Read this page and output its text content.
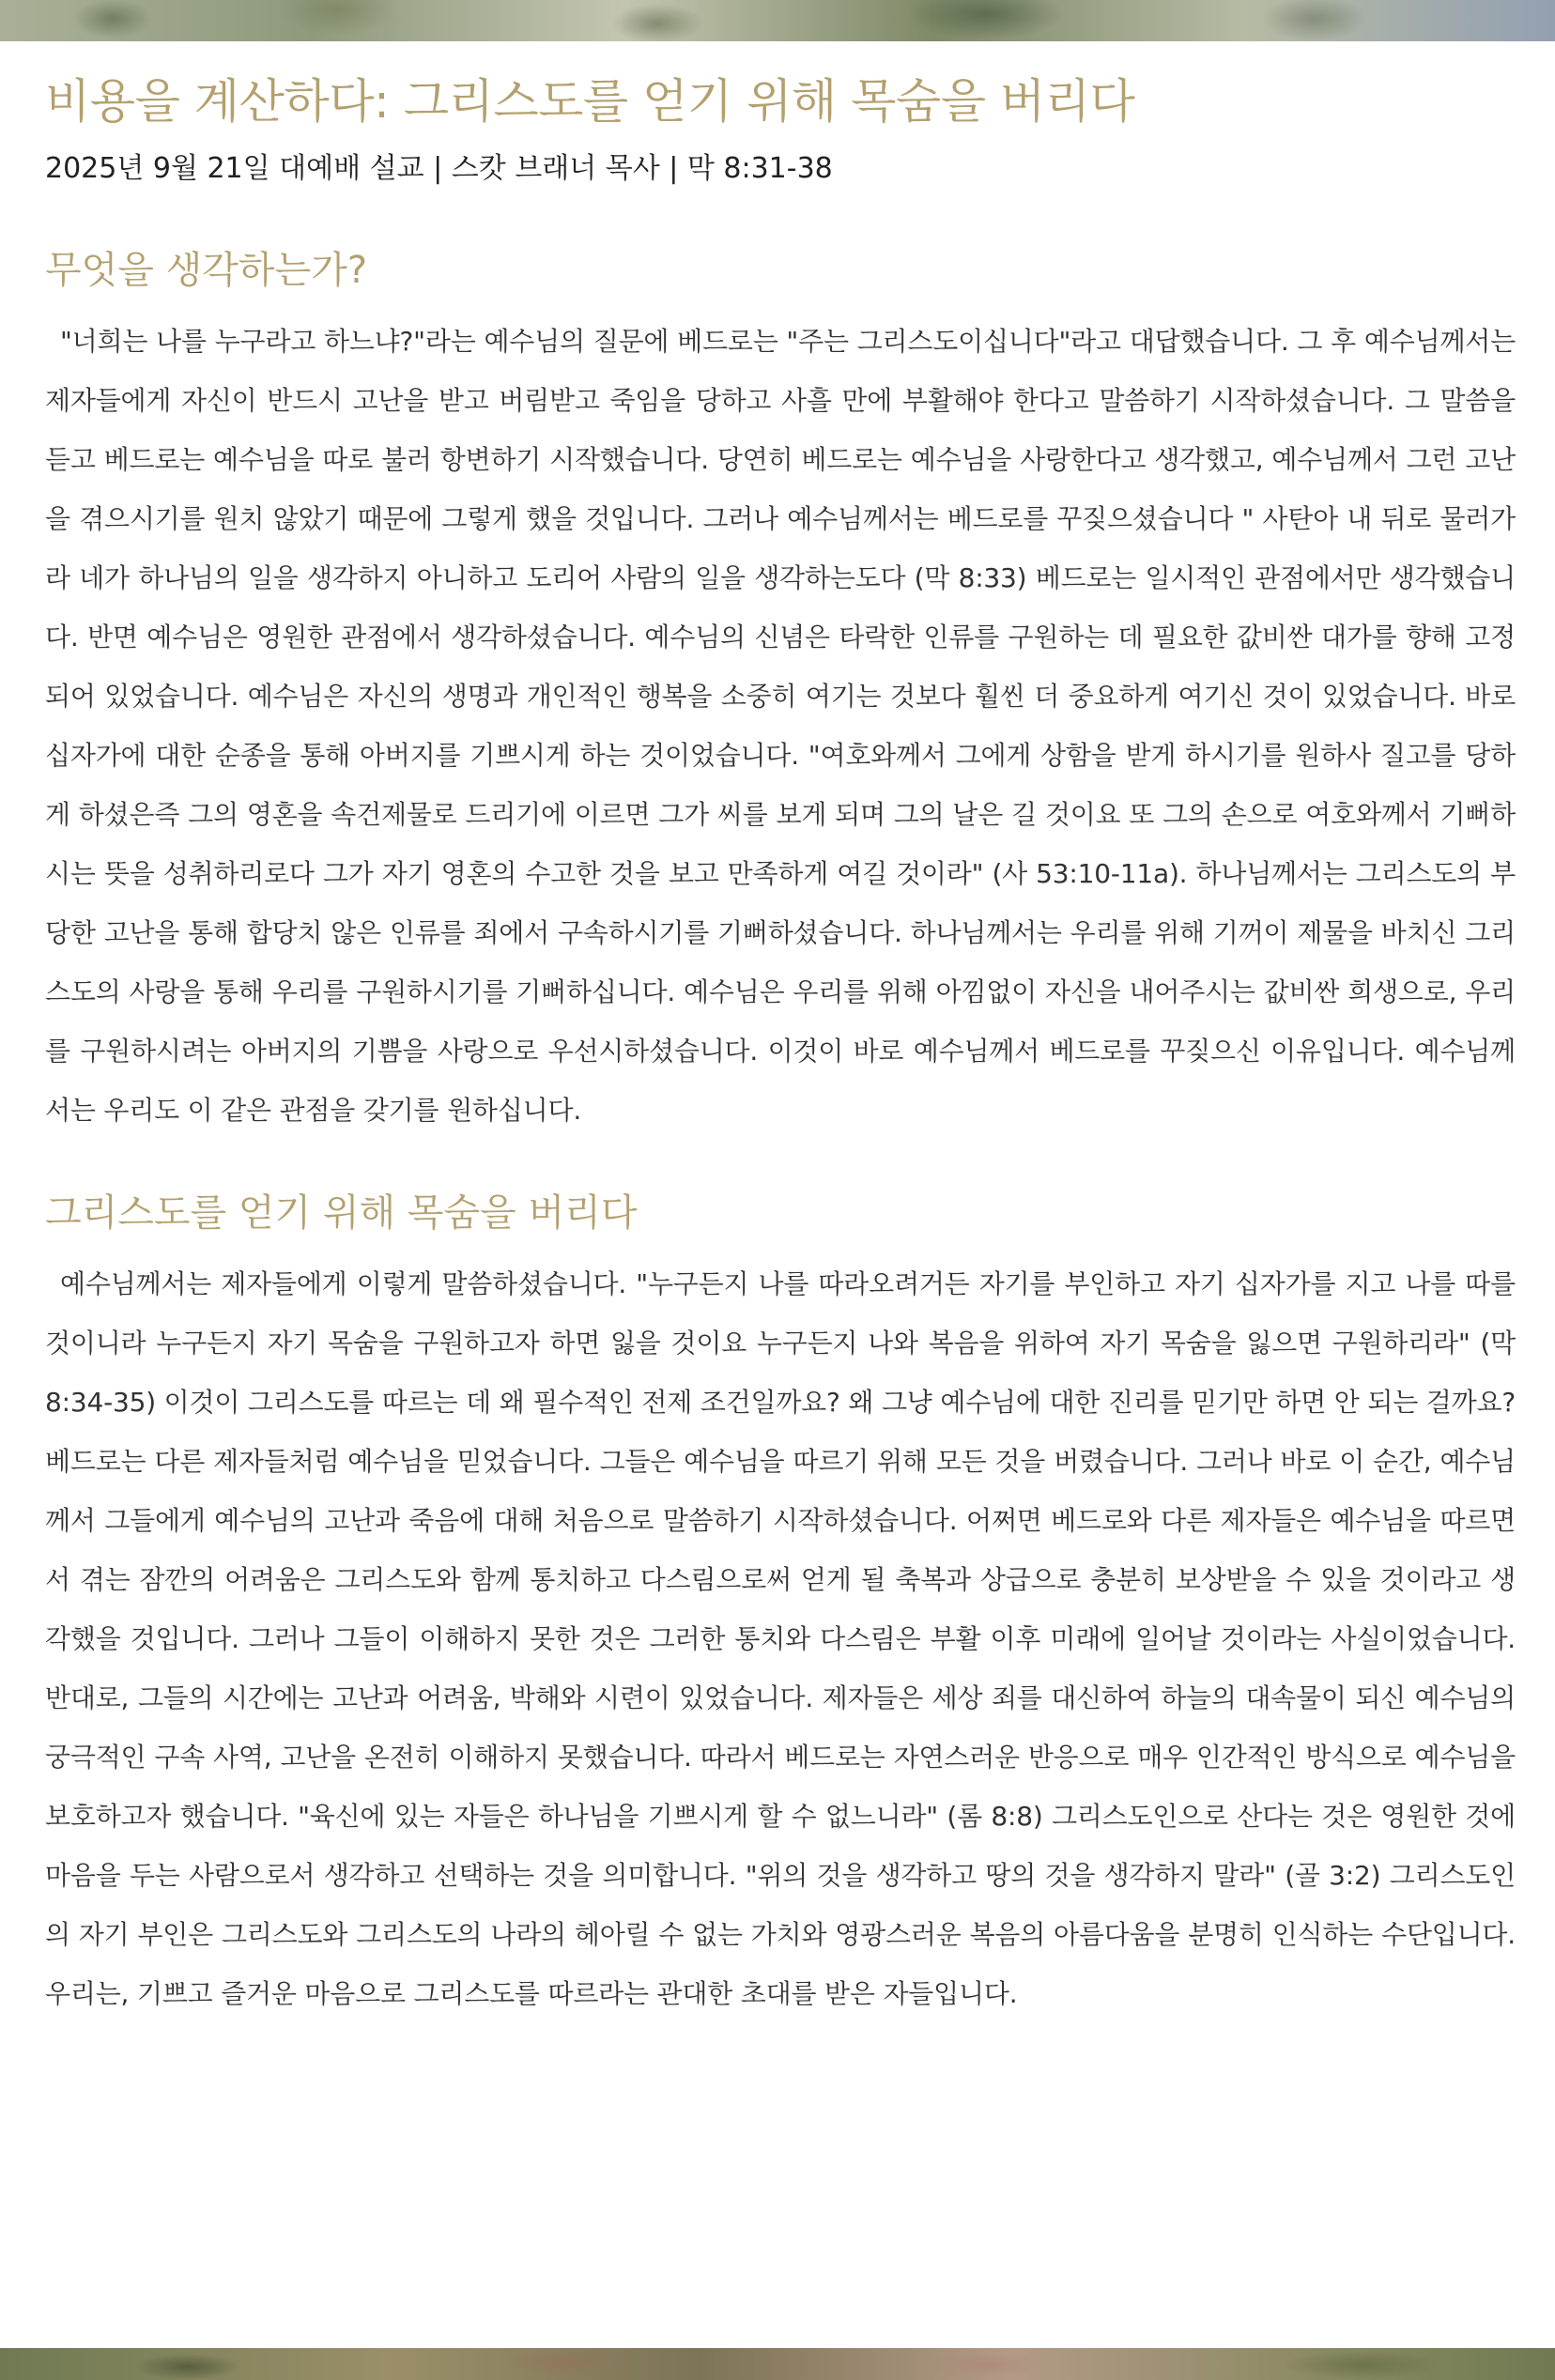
비용을 계산하다: 그리스도를 얻기 위해 목숨을 버리다

2025년 9월 21일 대예배 설교 | 스캇 브래너 목사 | 막 8:31-38

무엇을 생각하는가?

"너희는 나를 누구라고 하느냐?"라는 예수님의 질문에 베드로는 "주는 그리스도이십니다"라고 대답했습니다. 그 후 예수님께서는 제자들에게 자신이 반드시 고난을 받고 버림받고 죽임을 당하고 사흘 만에 부활해야 한다고 말씀하기 시작하셨습니다. 그 말씀을 듣고 베드로는 예수님을 따로 불러 항변하기 시작했습니다. 당연히 베드로는 예수님을 사랑한다고 생각했고, 예수님께서 그런 고난을 겪으시기를 원치 않았기 때문에 그렇게 했을 것입니다. 그러나 예수님께서는 베드로를 꾸짖으셨습니다 " 사탄아 내 뒤로 물러가라 네가 하나님의 일을 생각하지 아니하고 도리어 사람의 일을 생각하는도다 (막 8:33) 베드로는 일시적인 관점에서만 생각했습니다. 반면 예수님은 영원한 관점에서 생각하셨습니다. 예수님의 신념은 타락한 인류를 구원하는 데 필요한 값비싼 대가를 향해 고정되어 있었습니다. 예수님은 자신의 생명과 개인적인 행복을 소중히 여기는 것보다 훨씬 더 중요하게 여기신 것이 있었습니다. 바로 십자가에 대한 순종을 통해 아버지를 기쁘시게 하는 것이었습니다. "여호와께서 그에게 상함을 받게 하시기를 원하사 질고를 당하게 하셨은즉 그의 영혼을 속건제물로 드리기에 이르면 그가 씨를 보게 되며 그의 날은 길 것이요 또 그의 손으로 여호와께서 기뻐하시는 뜻을 성취하리로다 그가 자기 영혼의 수고한 것을 보고 만족하게 여길 것이라" (사 53:10-11a). 하나님께서는 그리스도의 부당한 고난을 통해 합당치 않은 인류를 죄에서 구속하시기를 기뻐하셨습니다. 하나님께서는 우리를 위해 기꺼이 제물을 바치신 그리스도의 사랑을 통해 우리를 구원하시기를 기뻐하십니다. 예수님은 우리를 위해 아낌없이 자신을 내어주시는 값비싼 희생으로, 우리를 구원하시려는 아버지의 기쁨을 사랑으로 우선시하셨습니다. 이것이 바로 예수님께서 베드로를 꾸짖으신 이유입니다. 예수님께서는 우리도 이 같은 관점을 갖기를 원하십니다.

그리스도를 얻기 위해 목숨을 버리다

예수님께서는 제자들에게 이렇게 말씀하셨습니다. "누구든지 나를 따라오려거든 자기를 부인하고 자기 십자가를 지고 나를 따를 것이니라 누구든지 자기 목숨을 구원하고자 하면 잃을 것이요 누구든지 나와 복음을 위하여 자기 목숨을 잃으면 구원하리라" (막 8:34-35) 이것이 그리스도를 따르는 데 왜 필수적인 전제 조건일까요? 왜 그냥 예수님에 대한 진리를 믿기만 하면 안 되는 걸까요? 베드로는 다른 제자들처럼 예수님을 믿었습니다. 그들은 예수님을 따르기 위해 모든 것을 버렸습니다. 그러나 바로 이 순간, 예수님께서 그들에게 예수님의 고난과 죽음에 대해 처음으로 말씀하기 시작하셨습니다. 어쩌면 베드로와 다른 제자들은 예수님을 따르면서 겪는 잠깐의 어려움은 그리스도와 함께 통치하고 다스림으로써 얻게 될 축복과 상급으로 충분히 보상받을 수 있을 것이라고 생각했을 것입니다. 그러나 그들이 이해하지 못한 것은 그러한 통치와 다스림은 부활 이후 미래에 일어날 것이라는 사실이었습니다. 반대로, 그들의 시간에는 고난과 어려움, 박해와 시련이 있었습니다. 제자들은 세상 죄를 대신하여 하늘의 대속물이 되신 예수님의 궁극적인 구속 사역, 고난을 온전히 이해하지 못했습니다. 따라서 베드로는 자연스러운 반응으로 매우 인간적인 방식으로 예수님을 보호하고자 했습니다. "육신에 있는 자들은 하나님을 기쁘시게 할 수 없느니라" (롬 8:8) 그리스도인으로 산다는 것은 영원한 것에 마음을 두는 사람으로서 생각하고 선택하는 것을 의미합니다. "위의 것을 생각하고 땅의 것을 생각하지 말라" (골 3:2) 그리스도인의 자기 부인은 그리스도와 그리스도의 나라의 헤아릴 수 없는 가치와 영광스러운 복음의 아름다움을 분명히 인식하는 수단입니다. 우리는, 기쁘고 즐거운 마음으로 그리스도를 따르라는 관대한 초대를 받은 자들입니다.
